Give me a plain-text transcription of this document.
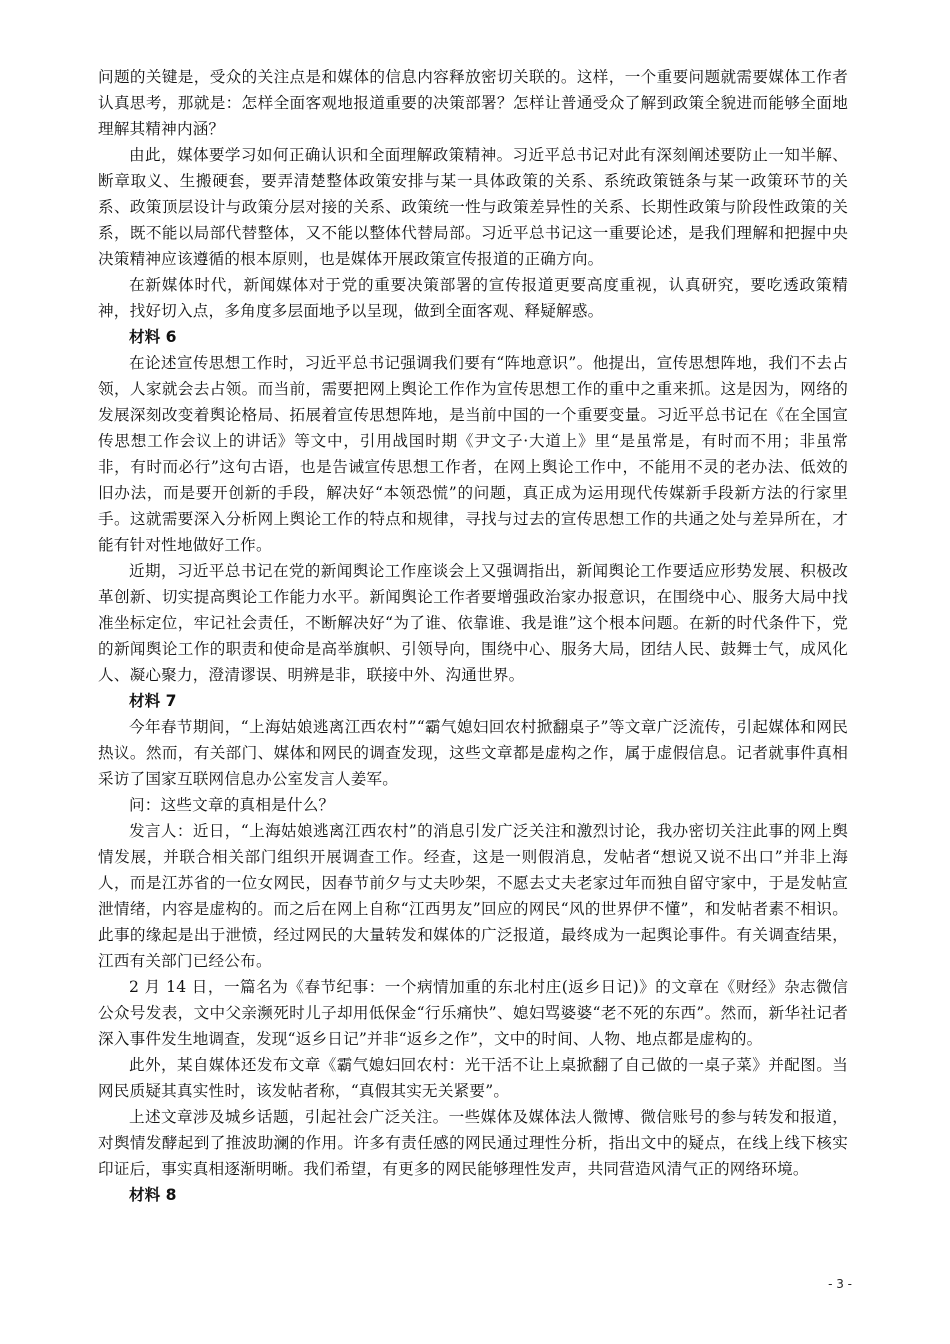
问题的关键是，受众的关注点是和媒体的信息内容释放密切关联的。这样，一个重要问题就需要媒体工作者认真思考，那就是：怎样全面客观地报道重要的决策部署？怎样让普通受众了解到政策全貌进而能够全面地理解其精神内涵？

由此，媒体要学习如何正确认识和全面理解政策精神。习近平总书记对此有深刻阐述要防止一知半解、断章取义、生搬硬套，要弄清楚整体政策安排与某一具体政策的关系、系统政策链条与某一政策环节的关系、政策顶层设计与政策分层对接的关系、政策统一性与政策差异性的关系、长期性政策与阶段性政策的关系，既不能以局部代替整体，又不能以整体代替局部。习近平总书记这一重要论述，是我们理解和把握中央决策精神应该遵循的根本原则，也是媒体开展政策宣传报道的正确方向。

在新媒体时代，新闻媒体对于党的重要决策部署的宣传报道更要高度重视，认真研究，要吃透政策精神，找好切入点，多角度多层面地予以呈现，做到全面客观、释疑解惑。

材料 6

在论述宣传思想工作时，习近平总书记强调我们要有“阵地意识”。他提出，宣传思想阵地，我们不去占领，人家就会去占领。而当前，需要把网上舆论工作作为宣传思想工作的重中之重来抓。这是因为，网络的发展深刻改变着舆论格局、拓展着宣传思想阵地，是当前中国的一个重要变量。习近平总书记在《在全国宣传思想工作会议上的讲话》等文中，引用战国时期《尹文子·大道上》里“是虽常是，有时而不用；非虽常非，有时而必行”这句古语，也是告诫宣传思想工作者，在网上舆论工作中，不能用不灵的老办法、低效的旧办法，而是要开创新的手段，解决好“本领恐慌”的问题，真正成为运用现代传媒新手段新方法的行家里手。这就需要深入分析网上舆论工作的特点和规律，寻找与过去的宣传思想工作的共通之处与差异所在，才能有针对性地做好工作。

近期，习近平总书记在党的新闻舆论工作座谈会上又强调指出，新闻舆论工作要适应形势发展、积极改革创新、切实提高舆论工作能力水平。新闻舆论工作者要增强政治家办报意识，在围绕中心、服务大局中找准坐标定位，牢记社会责任，不断解决好“为了谁、依靠谁、我是谁”这个根本问题。在新的时代条件下，党的新闻舆论工作的职责和使命是高举旗帜、引领导向，围绕中心、服务大局，团结人民、鼓舞士气，成风化人、凝心聚力，澄清谬误、明辨是非，联接中外、沟通世界。

材料 7

今年春节期间，“上海姑娘逃离江西农村”“霸气媳妇回农村掀翻桌子”等文章广泛流传，引起媒体和网民热议。然而，有关部门、媒体和网民的调查发现，这些文章都是虚构之作，属于虚假信息。记者就事件真相采访了国家互联网信息办公室发言人姜军。

问：这些文章的真相是什么？

发言人：近日，“上海姑娘逃离江西农村”的消息引发广泛关注和激烈讨论，我办密切关注此事的网上舆情发展，并联合相关部门组织开展调查工作。经查，这是一则假消息，发帖者“想说又说不出口”并非上海人，而是江苏省的一位女网民，因春节前夕与丈夫吵架，不愿去丈夫老家过年而独自留守家中，于是发帖宣泄情绪，内容是虚构的。而之后在网上自称“江西男友”回应的网民“风的世界伊不懂”，和发帖者素不相识。此事的缘起是出于泄愤，经过网民的大量转发和媒体的广泛报道，最终成为一起舆论事件。有关调查结果，江西有关部门已经公布。

2 月 14 日，一篇名为《春节纪事：一个病情加重的东北村庄(返乡日记)》的文章在《财经》杂志微信公众号发表，文中父亲濒死时儿子却用低保金“行乐痛快”、媳妇骂婆婆“老不死的东西”。然而，新华社记者深入事件发生地调查，发现“返乡日记”并非“返乡之作”，文中的时间、人物、地点都是虚构的。

此外，某自媒体还发布文章《霸气媳妇回农村：光干活不让上桌掀翻了自己做的一桌子菜》并配图。当网民质疑其真实性时，该发帖者称，“真假其实无关紧要”。

上述文章涉及城乡话题，引起社会广泛关注。一些媒体及媒体法人微博、微信账号的参与转发和报道，对舆情发酵起到了推波助澜的作用。许多有责任感的网民通过理性分析，指出文中的疑点，在线上线下核实印证后，事实真相逐渐明晰。我们希望，有更多的网民能够理性发声，共同营造风清气正的网络环境。

材料 8

- 3 -
